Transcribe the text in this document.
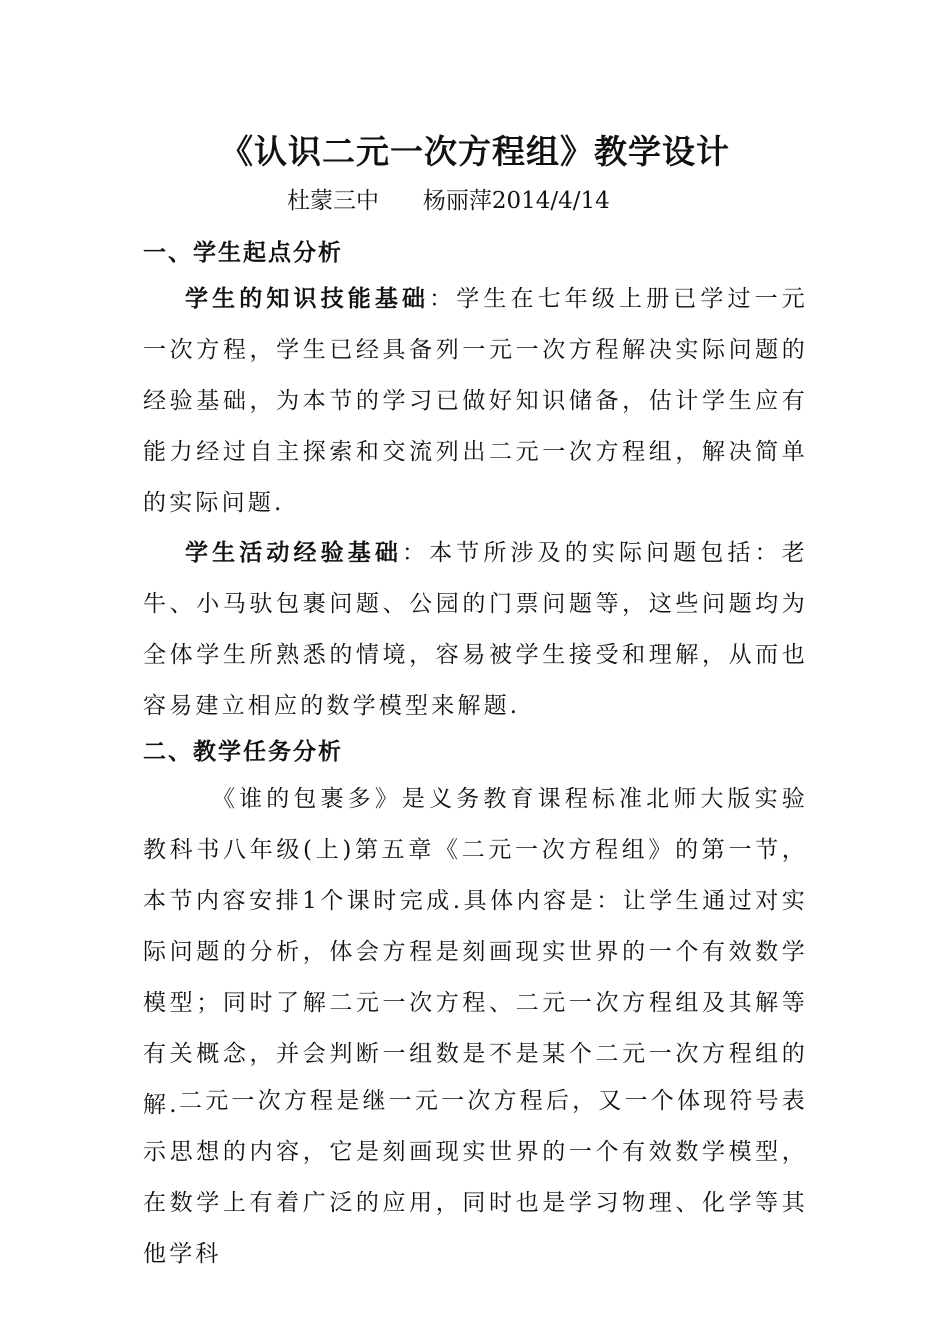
《认识二元一次方程组》教学设计
杜蒙三中      杨丽萍2014/4/14
一、学生起点分析
学生的知识技能基础：学生在七年级上册已学过一元一次方程，学生已经具备列一元一次方程解决实际问题的经验基础，为本节的学习已做好知识储备，估计学生应有能力经过自主探索和交流列出二元一次方程组，解决简单的实际问题.
学生活动经验基础：本节所涉及的实际问题包括：老牛、小马驮包裹问题、公园的门票问题等，这些问题均为全体学生所熟悉的情境，容易被学生接受和理解，从而也容易建立相应的数学模型来解题.
二、教学任务分析
《谁的包裹多》是义务教育课程标准北师大版实验教科书八年级(上)第五章《二元一次方程组》的第一节，本节内容安排1个课时完成.具体内容是：让学生通过对实际问题的分析，体会方程是刻画现实世界的一个有效数学模型；同时了解二元一次方程、二元一次方程组及其解等有关概念，并会判断一组数是不是某个二元一次方程组的解. 二元一次方程是继一元一次方程后，又一个体现符号表示思想的内容，它是刻画现实世界的一个有效数学模型，在数学上有着广泛的应用，同时也是学习物理、化学等其他学科
